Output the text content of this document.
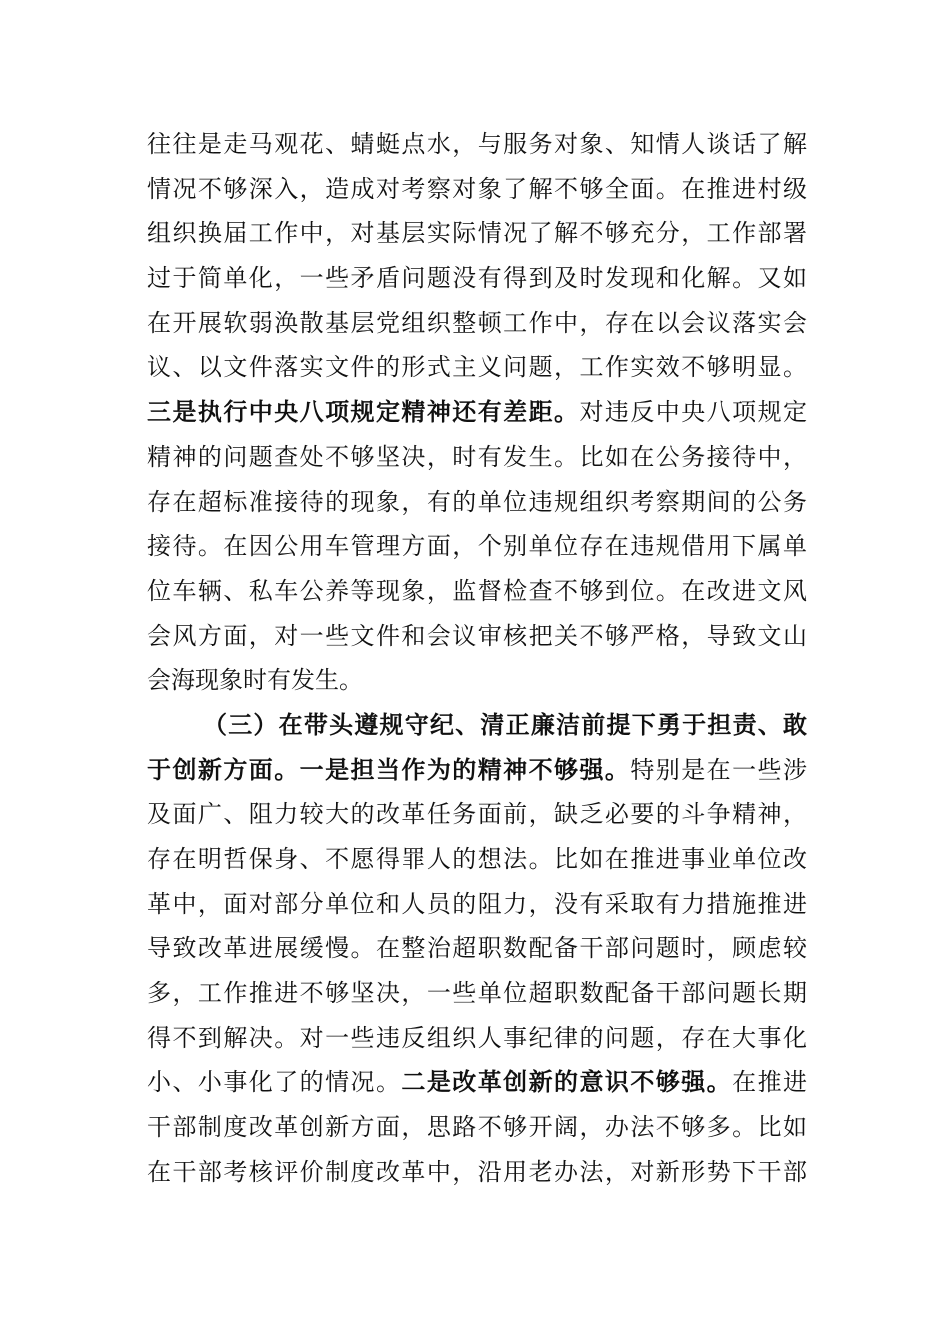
往往是走马观花、蜻蜓点水，与服务对象、知情人谈话了解
情况不够深入，造成对考察对象了解不够全面。在推进村级
组织换届工作中，对基层实际情况了解不够充分，工作部署
过于简单化，一些矛盾问题没有得到及时发现和化解。又如
在开展软弱涣散基层党组织整顿工作中，存在以会议落实会
议、以文件落实文件的形式主义问题，工作实效不够明显。
三是执行中央八项规定精神还有差距。对违反中央八项规定
精神的问题查处不够坚决，时有发生。比如在公务接待中，
存在超标准接待的现象，有的单位违规组织考察期间的公务
接待。在因公用车管理方面，个别单位存在违规借用下属单
位车辆、私车公养等现象，监督检查不够到位。在改进文风
会风方面，对一些文件和会议审核把关不够严格，导致文山
会海现象时有发生。
（三）在带头遵规守纪、清正廉洁前提下勇于担责、敢
于创新方面。一是担当作为的精神不够强。特别是在一些涉
及面广、阻力较大的改革任务面前，缺乏必要的斗争精神，
存在明哲保身、不愿得罪人的想法。比如在推进事业单位改
革中，面对部分单位和人员的阻力，没有采取有力措施推进
导致改革进展缓慢。在整治超职数配备干部问题时，顾虑较
多，工作推进不够坚决，一些单位超职数配备干部问题长期
得不到解决。对一些违反组织人事纪律的问题，存在大事化
小、小事化了的情况。二是改革创新的意识不够强。在推进
干部制度改革创新方面，思路不够开阔，办法不够多。比如
在干部考核评价制度改革中，沿用老办法，对新形势下干部
